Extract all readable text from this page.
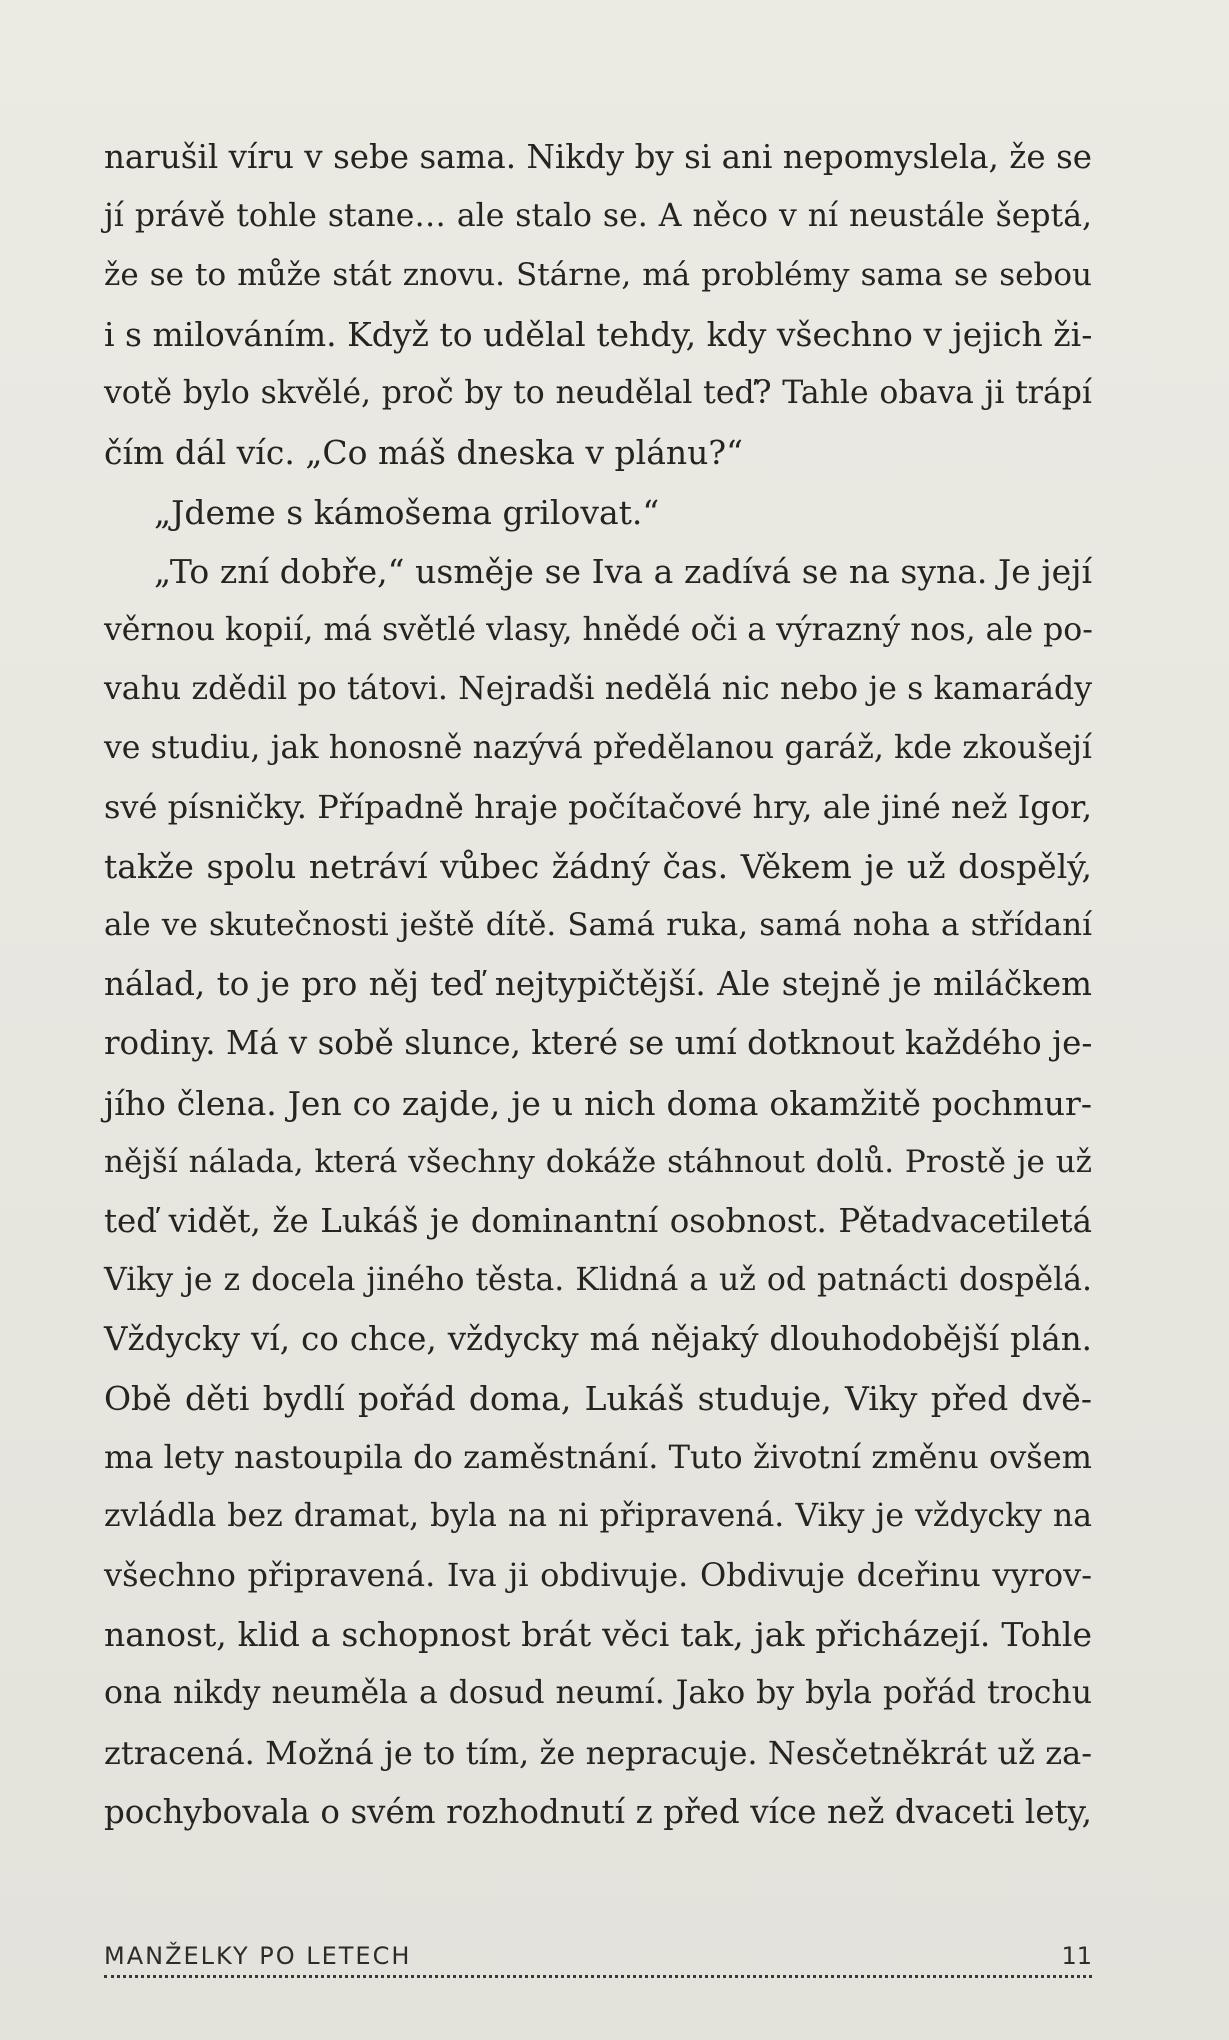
narušil víru v sebe sama. Nikdy by si ani nepomyslela, že se
jí právě tohle stane… ale stalo se. A něco v ní neustále šeptá,
že se to může stát znovu. Stárne, má problémy sama se sebou
i s milováním. Když to udělal tehdy, kdy všechno v jejich ži-
votě bylo skvělé, proč by to neudělal teď? Tahle obava ji trápí
čím dál víc. „Co máš dneska v plánu?“
„Jdeme s kámošema grilovat.“
„To zní dobře,“ usměje se Iva a zadívá se na syna. Je její
věrnou kopií, má světlé vlasy, hnědé oči a výrazný nos, ale po-
vahu zdědil po tátovi. Nejradši nedělá nic nebo je s kamarády
ve studiu, jak honosně nazývá předělanou garáž, kde zkoušejí
své písničky. Případně hraje počítačové hry, ale jiné než Igor,
takže spolu netráví vůbec žádný čas. Věkem je už dospělý,
ale ve skutečnosti ještě dítě. Samá ruka, samá noha a střídaní
nálad, to je pro něj teď nejtypičtější. Ale stejně je miláčkem
rodiny. Má v sobě slunce, které se umí dotknout každého je-
jího člena. Jen co zajde, je u nich doma okamžitě pochmur-
nější nálada, která všechny dokáže stáhnout dolů. Prostě je už
teď vidět, že Lukáš je dominantní osobnost. Pětadvacetiletá
Viky je z docela jiného těsta. Klidná a už od patnácti dospělá.
Vždycky ví, co chce, vždycky má nějaký dlouhodobější plán.
Obě děti bydlí pořád doma, Lukáš studuje, Viky před dvě-
ma lety nastoupila do zaměstnání. Tuto životní změnu ovšem
zvládla bez dramat, byla na ni připravená. Viky je vždycky na
všechno připravená. Iva ji obdivuje. Obdivuje dceřinu vyrov-
nanost, klid a schopnost brát věci tak, jak přicházejí. Tohle
ona nikdy neuměla a dosud neumí. Jako by byla pořád trochu
ztracená. Možná je to tím, že nepracuje. Nesčetněkrát už za-
pochybovala o svém rozhodnutí z před více než dvaceti lety,
MANŽELKY PO LETECH	11
